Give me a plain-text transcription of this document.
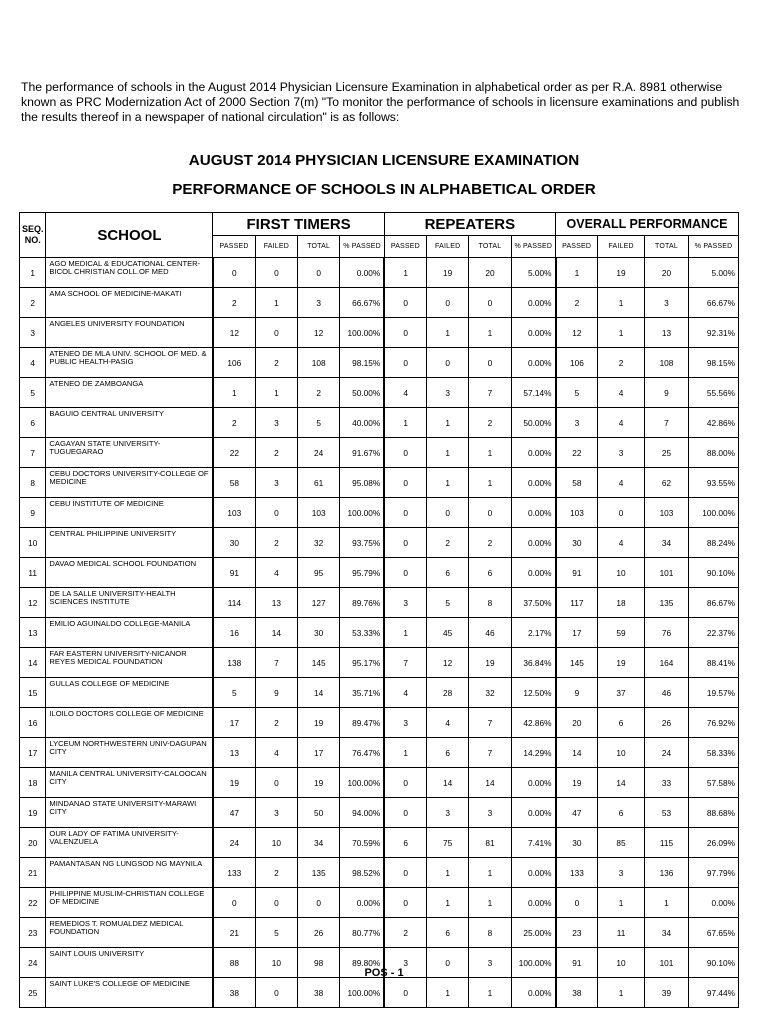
The performance of schools in the August 2014 Physician Licensure Examination in alphabetical order as per R.A. 8981 otherwise known as PRC Modernization Act of 2000 Section 7(m) "To monitor the performance of schools in licensure examinations and publish the results thereof in a newspaper of national circulation" is as follows:
AUGUST 2014 PHYSICIAN LICENSURE EXAMINATION
PERFORMANCE OF SCHOOLS IN ALPHABETICAL ORDER
SEQ. NO.	SCHOOL	FIRST TIMERS				REPEATERS				OVERALL PERFORMANCE			
		PASSED	FAILED	TOTAL	% PASSED	PASSED	FAILED	TOTAL	% PASSED	PASSED	FAILED	TOTAL	% PASSED
1	AGO MEDICAL & EDUCATIONAL CENTER-BICOL CHRISTIAN COLL.OF MED	0	0	0	0.00%	1	19	20	5.00%	1	19	20	5.00%
2	AMA SCHOOL OF MEDICINE-MAKATI	2	1	3	66.67%	0	0	0	0.00%	2	1	3	66.67%
3	ANGELES UNIVERSITY FOUNDATION	12	0	12	100.00%	0	1	1	0.00%	12	1	13	92.31%
4	ATENEO DE MLA UNIV. SCHOOL OF MED. & PUBLIC HEALTH-PASIG	106	2	108	98.15%	0	0	0	0.00%	106	2	108	98.15%
5	ATENEO DE ZAMBOANGA	1	1	2	50.00%	4	3	7	57.14%	5	4	9	55.56%
6	BAGUIO CENTRAL UNIVERSITY	2	3	5	40.00%	1	1	2	50.00%	3	4	7	42.86%
7	CAGAYAN STATE UNIVERSITY-TUGUEGARAO	22	2	24	91.67%	0	1	1	0.00%	22	3	25	88.00%
8	CEBU DOCTORS UNIVERSITY-COLLEGE OF MEDICINE	58	3	61	95.08%	0	1	1	0.00%	58	4	62	93.55%
9	CEBU INSTITUTE OF MEDICINE	103	0	103	100.00%	0	0	0	0.00%	103	0	103	100.00%
10	CENTRAL PHILIPPINE UNIVERSITY	30	2	32	93.75%	0	2	2	0.00%	30	4	34	88.24%
11	DAVAO MEDICAL SCHOOL FOUNDATION	91	4	95	95.79%	0	6	6	0.00%	91	10	101	90.10%
12	DE LA SALLE UNIVERSITY-HEALTH SCIENCES INSTITUTE	114	13	127	89.76%	3	5	8	37.50%	117	18	135	86.67%
13	EMILIO AGUINALDO COLLEGE-MANILA	16	14	30	53.33%	1	45	46	2.17%	17	59	76	22.37%
14	FAR EASTERN UNIVERSITY-NICANOR REYES MEDICAL FOUNDATION	138	7	145	95.17%	7	12	19	36.84%	145	19	164	88.41%
15	GULLAS COLLEGE OF MEDICINE	5	9	14	35.71%	4	28	32	12.50%	9	37	46	19.57%
16	ILOILO DOCTORS COLLEGE OF MEDICINE	17	2	19	89.47%	3	4	7	42.86%	20	6	26	76.92%
17	LYCEUM NORTHWESTERN UNIV-DAGUPAN CITY	13	4	17	76.47%	1	6	7	14.29%	14	10	24	58.33%
18	MANILA CENTRAL UNIVERSITY-CALOOCAN CITY	19	0	19	100.00%	0	14	14	0.00%	19	14	33	57.58%
19	MINDANAO STATE UNIVERSITY-MARAWI CITY	47	3	50	94.00%	0	3	3	0.00%	47	6	53	88.68%
20	OUR LADY OF FATIMA UNIVERSITY-VALENZUELA	24	10	34	70.59%	6	75	81	7.41%	30	85	115	26.09%
21	PAMANTASAN NG LUNGSOD NG MAYNILA	133	2	135	98.52%	0	1	1	0.00%	133	3	136	97.79%
22	PHILIPPINE MUSLIM-CHRISTIAN COLLEGE OF MEDICINE	0	0	0	0.00%	0	1	1	0.00%	0	1	1	0.00%
23	REMEDIOS T. ROMUALDEZ MEDICAL FOUNDATION	21	5	26	80.77%	2	6	8	25.00%	23	11	34	67.65%
24	SAINT LOUIS UNIVERSITY	88	10	98	89.80%	3	0	3	100.00%	91	10	101	90.10%
25	SAINT LUKE'S COLLEGE OF MEDICINE	38	0	38	100.00%	0	1	1	0.00%	38	1	39	97.44%
POS - 1
